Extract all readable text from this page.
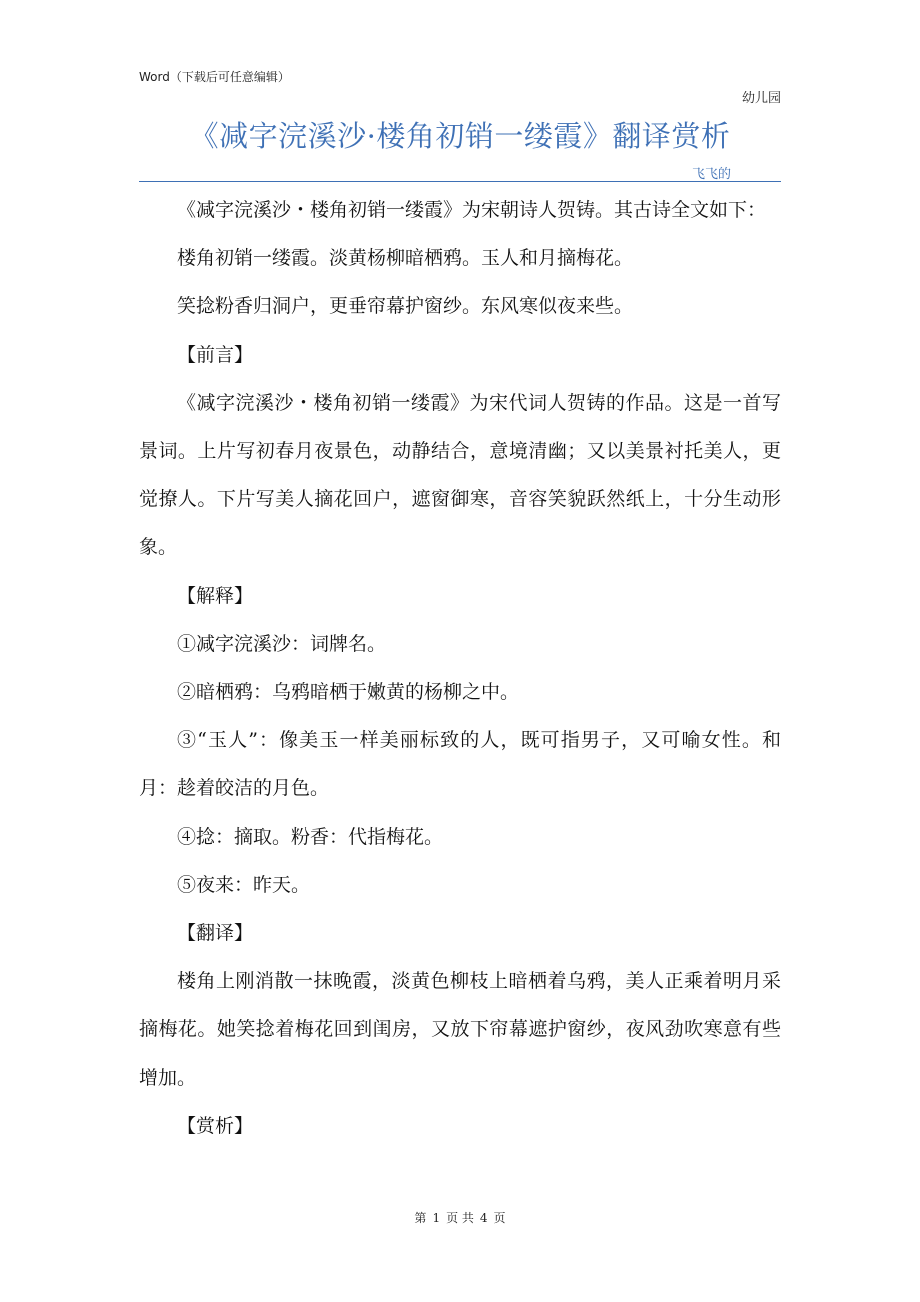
Word（下载后可任意编辑）
幼儿园
《减字浣溪沙·楼角初销一缕霞》翻译赏析
飞飞的

《减字浣溪沙・楼角初销一缕霞》为宋朝诗人贺铸。其古诗全文如下：

楼角初销一缕霞。淡黄杨柳暗栖鸦。玉人和月摘梅花。

笑捻粉香归洞户，更垂帘幕护窗纱。东风寒似夜来些。

【前言】

《减字浣溪沙・楼角初销一缕霞》为宋代词人贺铸的作品。这是一首写景词。上片写初春月夜景色，动静结合，意境清幽；又以美景衬托美人，更觉撩人。下片写美人摘花回户，遮窗御寒，音容笑貌跃然纸上，十分生动形象。

【解释】

①减字浣溪沙：词牌名。

②暗栖鸦：乌鸦暗栖于嫩黄的杨柳之中。

③“玉人”：像美玉一样美丽标致的人，既可指男子，又可喻女性。和月：趁着皎洁的月色。

④捻：摘取。粉香：代指梅花。

⑤夜来：昨天。

【翻译】

楼角上刚消散一抹晚霞，淡黄色柳枝上暗栖着乌鸦，美人正乘着明月采摘梅花。她笑捻着梅花回到闺房，又放下帘幕遮护窗纱，夜风劲吹寒意有些增加。

【赏析】

第 1 页 共 4 页
